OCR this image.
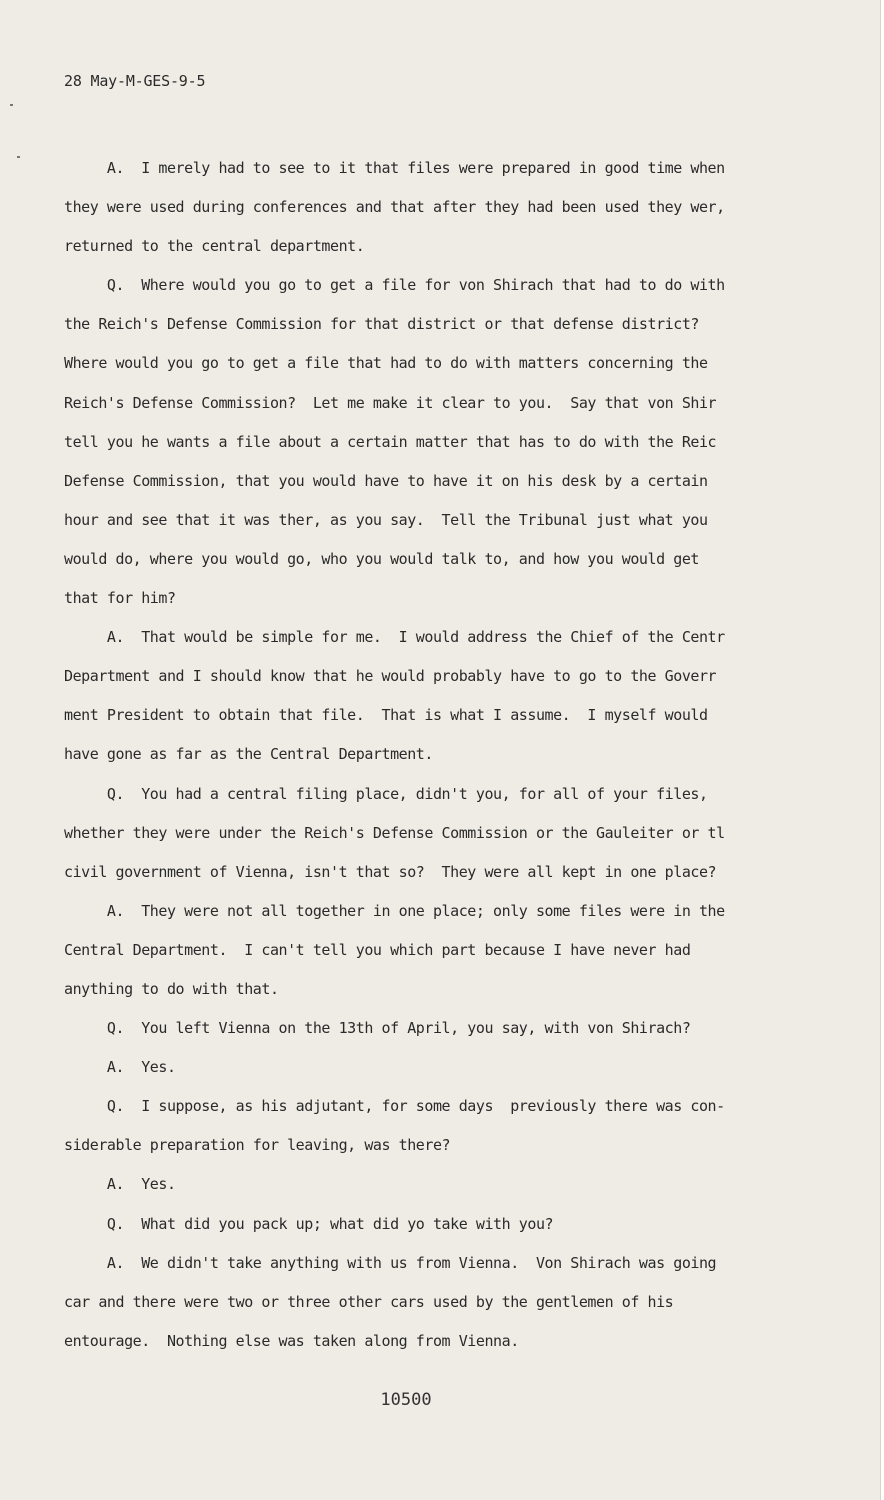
28 May-M-GES-9-5
A.  I merely had to see to it that files were prepared in good time when
they were used during conferences and that after they had been used they wer,
returned to the central department.
Q.  Where would you go to get a file for von Shirach that had to do with
the Reich's Defense Commission for that district or that defense district?
Where would you go to get a file that had to do with matters concerning the
Reich's Defense Commission?  Let me make it clear to you.  Say that von Shir
tell you he wants a file about a certain matter that has to do with the Reic
Defense Commission, that you would have to have it on his desk by a certain
hour and see that it was ther, as you say.  Tell the Tribunal just what you
would do, where you would go, who you would talk to, and how you would get
that for him?
A.  That would be simple for me.  I would address the Chief of the Centr
Department and I should know that he would probably have to go to the Goverr
ment President to obtain that file.  That is what I assume.  I myself would
have gone as far as the Central Department.
Q.  You had a central filing place, didn't you, for all of your files,
whether they were under the Reich's Defense Commission or the Gauleiter or tl
civil government of Vienna, isn't that so?  They were all kept in one place?
A.  They were not all together in one place; only some files were in the
Central Department.  I can't tell you which part because I have never had
anything to do with that.
Q.  You left Vienna on the 13th of April, you say, with von Shirach?
A.  Yes.
Q.  I suppose, as his adjutant, for some days  previously there was con-
siderable preparation for leaving, was there?
A.  Yes.
Q.  What did you pack up; what did yo take with you?
A.  We didn't take anything with us from Vienna.  Von Shirach was going
car and there were two or three other cars used by the gentlemen of his
entourage.  Nothing else was taken along from Vienna.
10500
